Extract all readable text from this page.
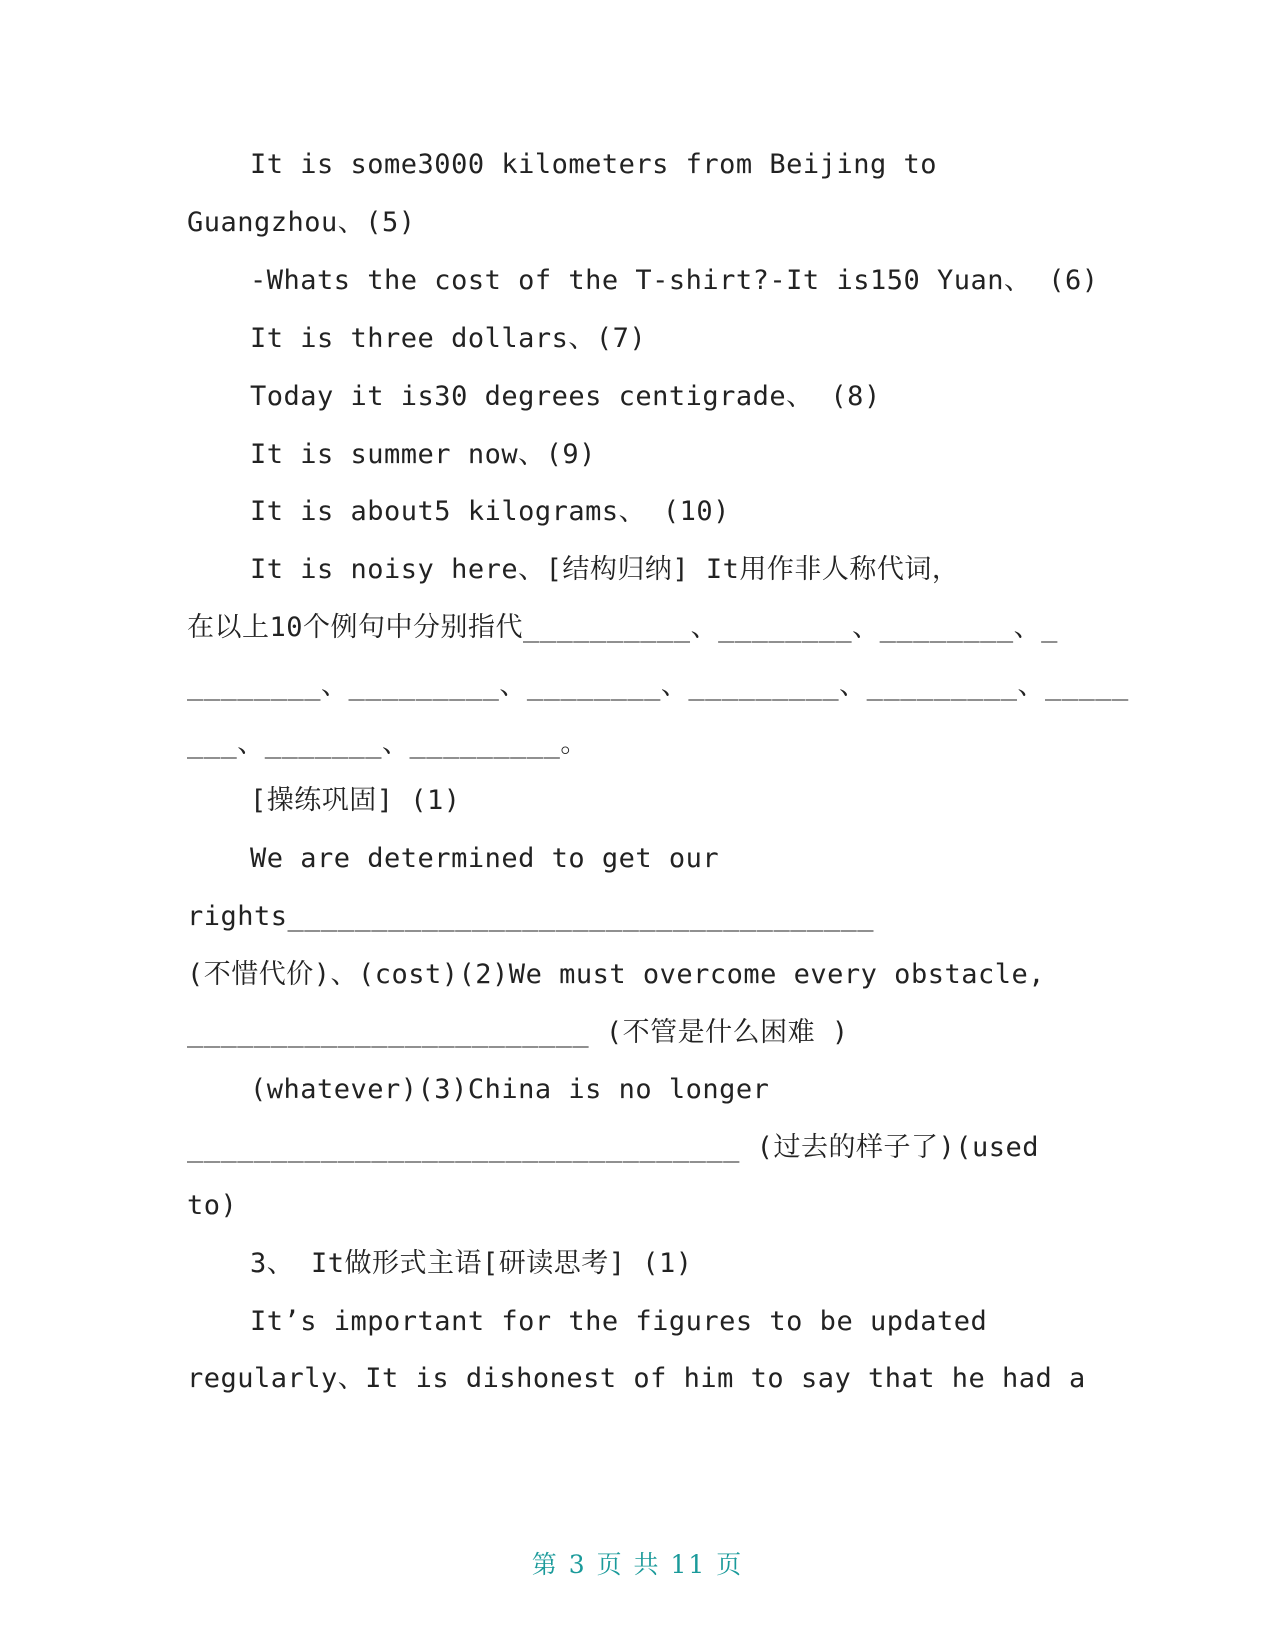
It is some3000 kilometers from Beijing to
Guangzhou、(5)
-Whats the cost of the T-shirt?-It is150 Yuan、 (6)
It is three dollars、(7)
Today it is30 degrees centigrade、 (8)
It is summer now、(9)
It is about5 kilograms、 (10)
It is noisy here、[结构归纳] It用作非人称代词，
在以上10个例句中分别指代__________、________、________、_
________、_________、________、_________、_________、_____
___、_______、_________。
[操练巩固] (1)
We are determined to get our
rights___________________________________
(不惜代价)、(cost)(2)We must overcome every obstacle,
________________________ (不管是什么困难 )
(whatever)(3)China is no longer
_________________________________ (过去的样子了)(used
to)
3、 It做形式主语[研读思考] (1)
It’s important for the figures to be updated
regularly、It is dishonest of him to say that he had a
第 3 页 共 11 页
